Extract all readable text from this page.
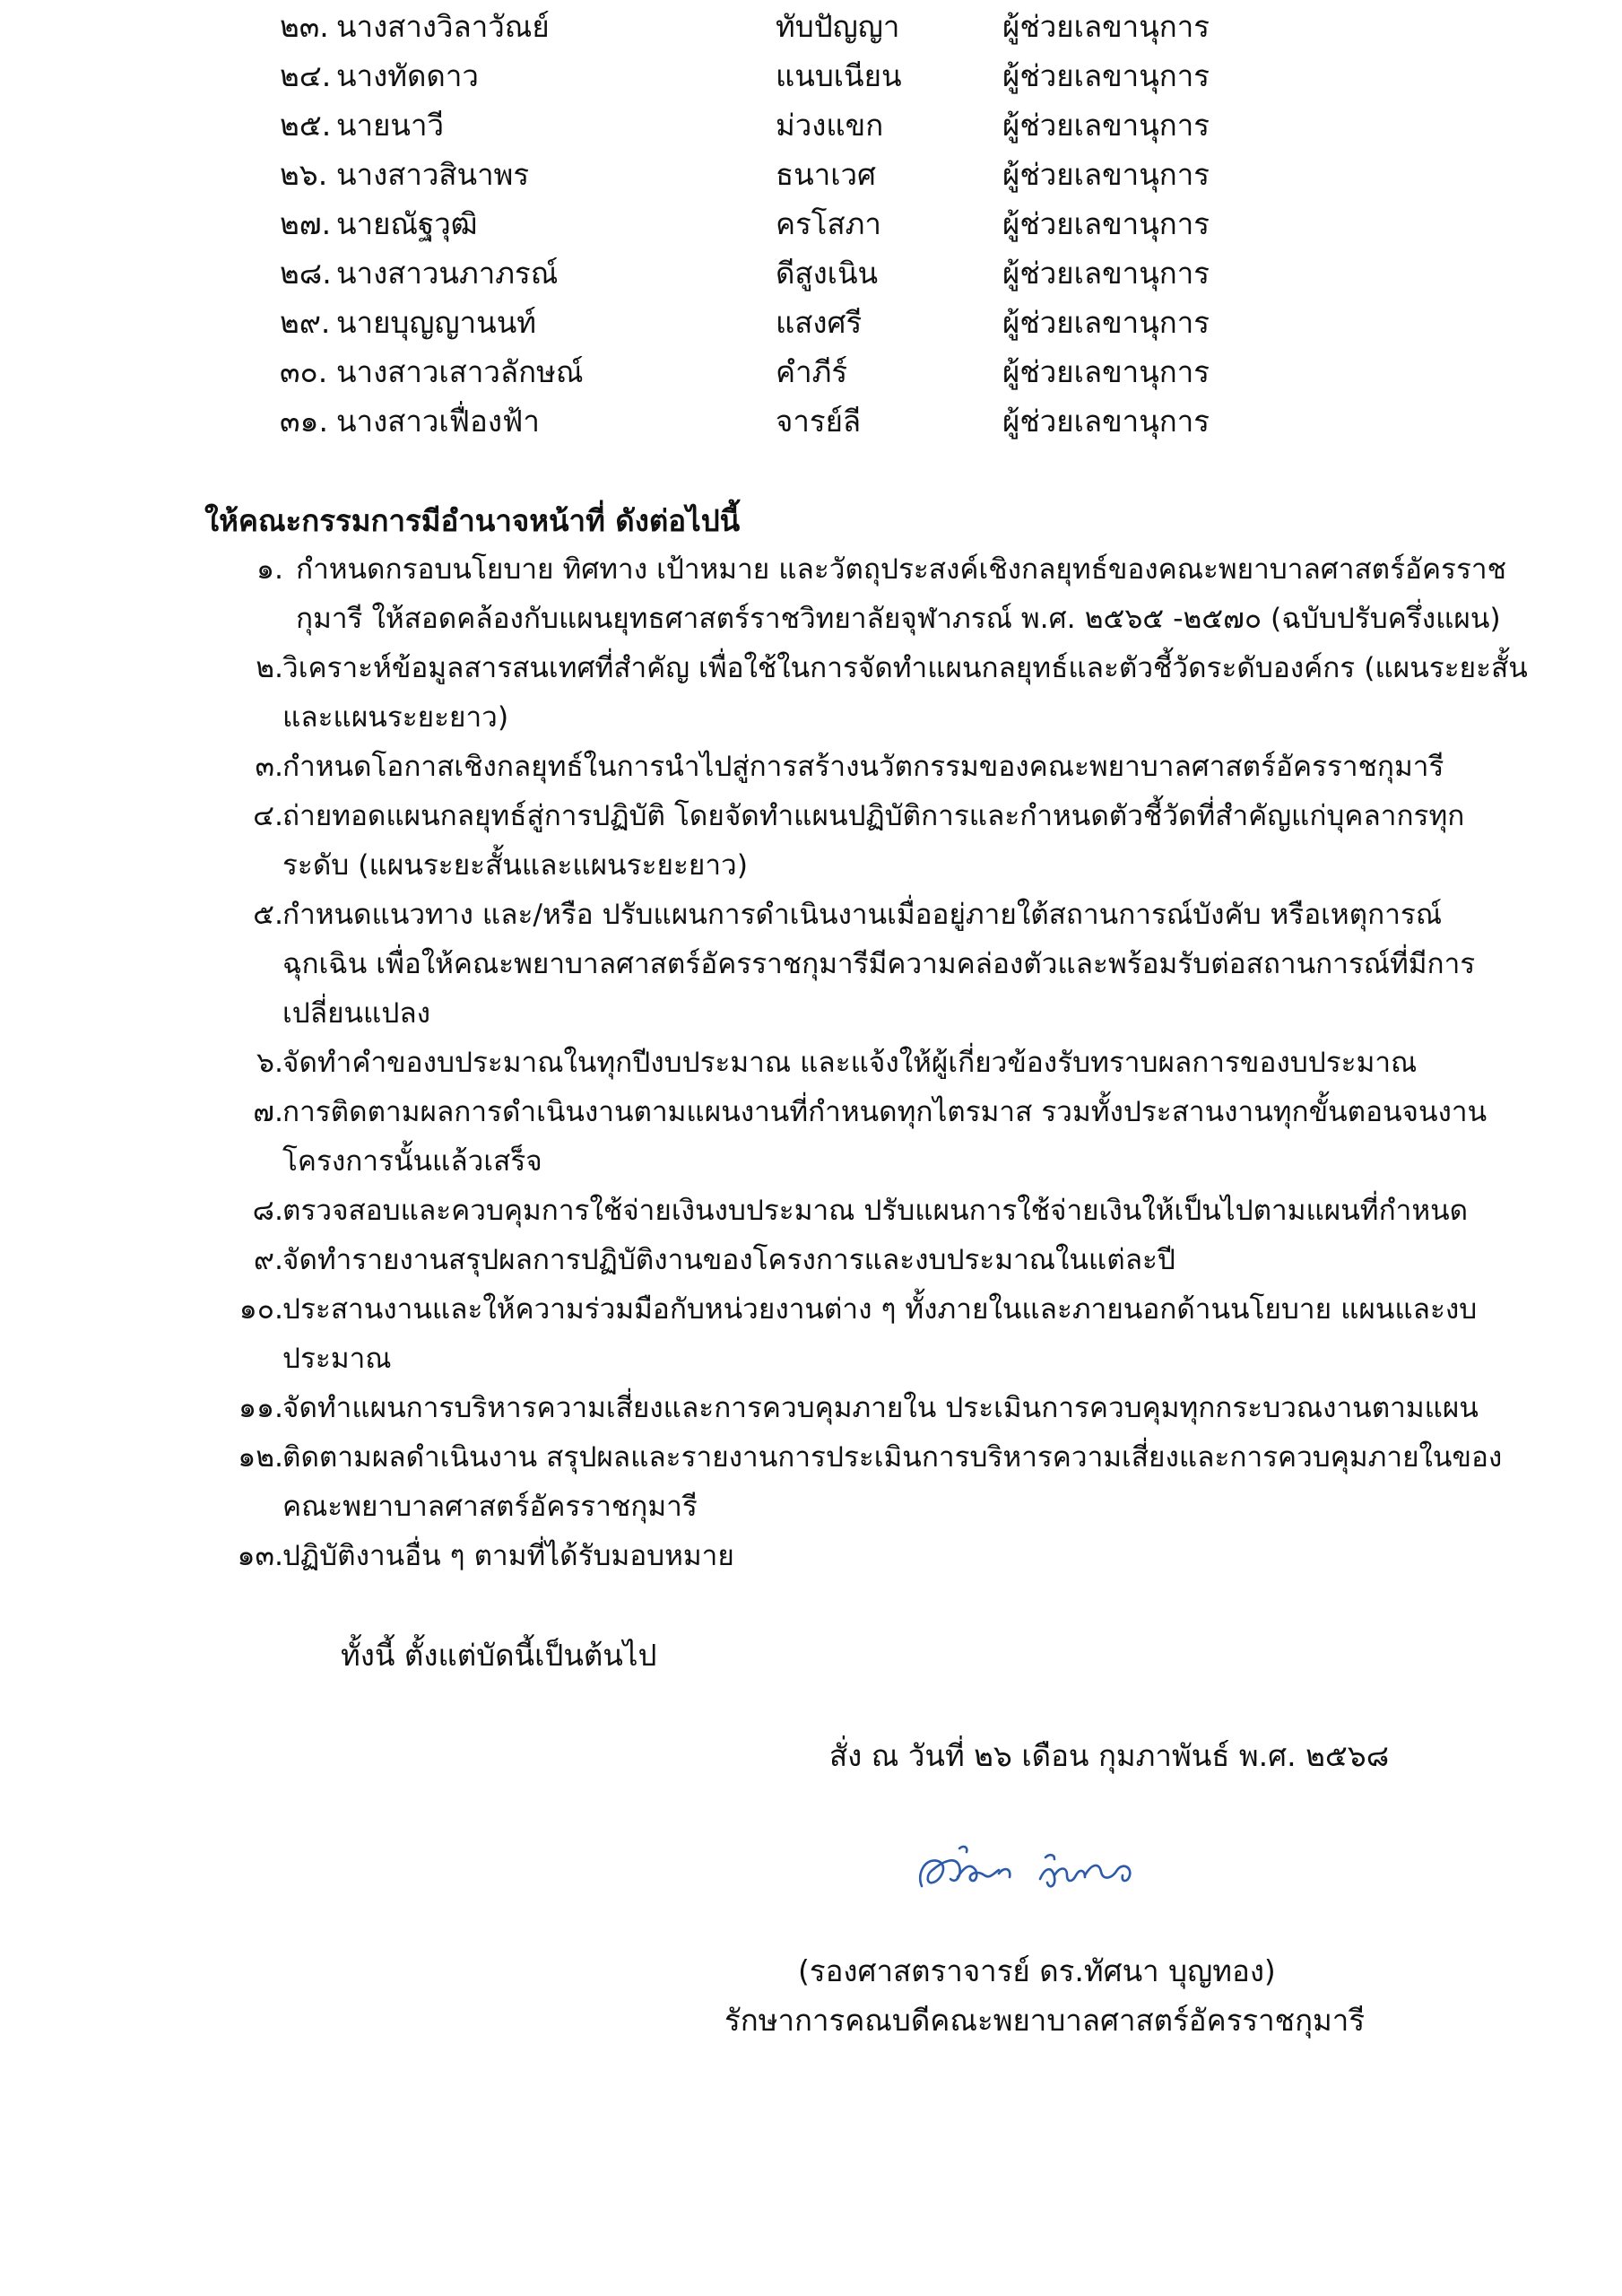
๒๓. นางสางวิลาวัณย์	ทับปัญญา	ผู้ช่วยเลขานุการ
๒๔. นางทัดดาว	แนบเนียน	ผู้ช่วยเลขานุการ
๒๕. นายนาวี	ม่วงแขก	ผู้ช่วยเลขานุการ
๒๖. นางสาวสินาพร	ธนาเวศ	ผู้ช่วยเลขานุการ
๒๗. นายณัฐวุฒิ	ครโสภา	ผู้ช่วยเลขานุการ
๒๘. นางสาวนภาภรณ์	ดีสูงเนิน	ผู้ช่วยเลขานุการ
๒๙. นายบุญญานนท์	แสงศรี	ผู้ช่วยเลขานุการ
๓๐. นางสาวเสาวลักษณ์	คำภีร์	ผู้ช่วยเลขานุการ
๓๑. นางสาวเฟื่องฟ้า	จารย์ลี	ผู้ช่วยเลขานุการ
ให้คณะกรรมการมีอำนาจหน้าที่ ดังต่อไปนี้
๑. กำหนดกรอบนโยบาย ทิศทาง เป้าหมาย และวัตถุประสงค์เชิงกลยุทธ์ของคณะพยาบาลศาสตร์อัครราช
กุมารี ให้สอดคล้องกับแผนยุทธศาสตร์ราชวิทยาลัยจุฬาภรณ์ พ.ศ. ๒๕๖๕ -๒๕๗๐ (ฉบับปรับครึ่งแผน)
๒. วิเคราะห์ข้อมูลสารสนเทศที่สำคัญ เพื่อใช้ในการจัดทำแผนกลยุทธ์และตัวชี้วัดระดับองค์กร (แผนระยะสั้น
และแผนระยะยาว)
๓. กำหนดโอกาสเชิงกลยุทธ์ในการนำไปสู่การสร้างนวัตกรรมของคณะพยาบาลศาสตร์อัครราชกุมารี
๔. ถ่ายทอดแผนกลยุทธ์สู่การปฏิบัติ โดยจัดทำแผนปฏิบัติการและกำหนดตัวชี้วัดที่สำคัญแก่บุคลากรทุก
ระดับ (แผนระยะสั้นและแผนระยะยาว)
๕. กำหนดแนวทาง และ/หรือ ปรับแผนการดำเนินงานเมื่ออยู่ภายใต้สถานการณ์บังคับ หรือเหตุการณ์
ฉุกเฉิน เพื่อให้คณะพยาบาลศาสตร์อัครราชกุมารีมีความคล่องตัวและพร้อมรับต่อสถานการณ์ที่มีการ
เปลี่ยนแปลง
๖. จัดทำคำของบประมาณในทุกปีงบประมาณ และแจ้งให้ผู้เกี่ยวข้องรับทราบผลการของบประมาณ
๗. การติดตามผลการดำเนินงานตามแผนงานที่กำหนดทุกไตรมาส รวมทั้งประสานงานทุกขั้นตอนจนงาน
โครงการนั้นแล้วเสร็จ
๘. ตรวจสอบและควบคุมการใช้จ่ายเงินงบประมาณ ปรับแผนการใช้จ่ายเงินให้เป็นไปตามแผนที่กำหนด
๙. จัดทำรายงานสรุปผลการปฏิบัติงานของโครงการและงบประมาณในแต่ละปี
๑๐. ประสานงานและให้ความร่วมมือกับหน่วยงานต่าง ๆ ทั้งภายในและภายนอกด้านนโยบาย แผนและงบ
ประมาณ
๑๑. จัดทำแผนการบริหารความเสี่ยงและการควบคุมภายใน ประเมินการควบคุมทุกกระบวณงานตามแผน
๑๒. ติดตามผลดำเนินงาน สรุปผลและรายงานการประเมินการบริหารความเสี่ยงและการควบคุมภายในของ
คณะพยาบาลศาสตร์อัครราชกุมารี
๑๓. ปฏิบัติงานอื่น ๆ ตามที่ได้รับมอบหมาย
ทั้งนี้ ตั้งแต่บัดนี้เป็นต้นไป
สั่ง ณ วันที่ ๒๖ เดือน กุมภาพันธ์ พ.ศ. ๒๕๖๘
(รองศาสตราจารย์ ดร.ทัศนา บุญทอง)
รักษาการคณบดีคณะพยาบาลศาสตร์อัครราชกุมารี
